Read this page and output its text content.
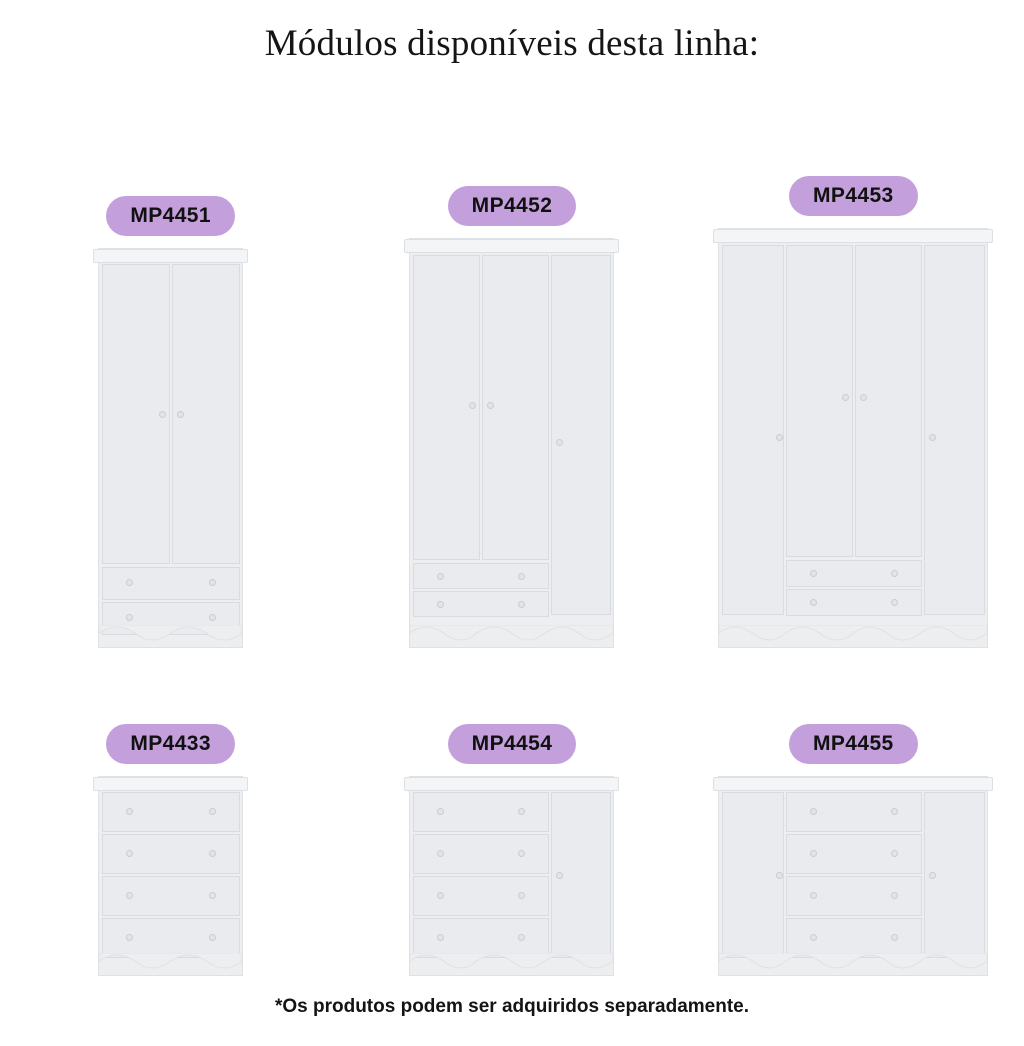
Módulos disponíveis desta linha:
MP4451	MP4452	MP4453
MP4433	MP4454	MP4455
*Os produtos podem ser adquiridos separadamente.
